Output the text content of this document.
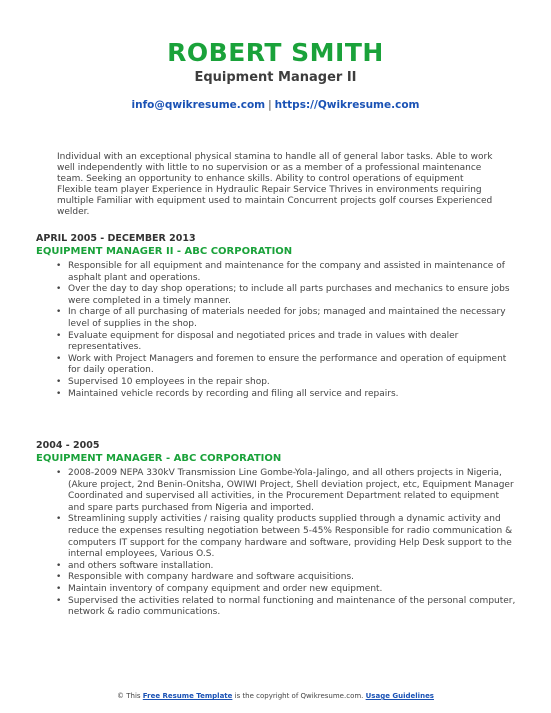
ROBERT SMITH
Equipment Manager II
info@qwikresume.com | https://Qwikresume.com
Individual with an exceptional physical stamina to handle all of general labor tasks. Able to work well independently with little to no supervision or as a member of a professional maintenance team. Seeking an opportunity to enhance skills. Ability to control operations of equipment Flexible team player Experience in Hydraulic Repair Service Thrives in environments requiring multiple Familiar with equipment used to maintain Concurrent projects golf courses Experienced welder.
APRIL 2005 - DECEMBER 2013
EQUIPMENT MANAGER II - ABC CORPORATION
• Responsible for all equipment and maintenance for the company and assisted in maintenance of asphalt plant and operations.
• Over the day to day shop operations; to include all parts purchases and mechanics to ensure jobs were completed in a timely manner.
• In charge of all purchasing of materials needed for jobs; managed and maintained the necessary level of supplies in the shop.
• Evaluate equipment for disposal and negotiated prices and trade in values with dealer representatives.
• Work with Project Managers and foremen to ensure the performance and operation of equipment for daily operation.
• Supervised 10 employees in the repair shop.
• Maintained vehicle records by recording and filing all service and repairs.
2004 - 2005
EQUIPMENT MANAGER - ABC CORPORATION
• 2008-2009 NEPA 330kV Transmission Line Gombe-Yola-Jalingo, and all others projects in Nigeria, (Akure project, 2nd Benin-Onitsha, OWIWI Project, Shell deviation project, etc, Equipment Manager Coordinated and supervised all activities, in the Procurement Department related to equipment and spare parts purchased from Nigeria and imported.
• Streamlining supply activities / raising quality products supplied through a dynamic activity and reduce the expenses resulting negotiation between 5-45% Responsible for radio communication & computers IT support for the company hardware and software, providing Help Desk support to the internal employees, Various O.S.
• and others software installation.
• Responsible with company hardware and software acquisitions.
• Maintain inventory of company equipment and order new equipment.
• Supervised the activities related to normal functioning and maintenance of the personal computer, network & radio communications.
© This Free Resume Template is the copyright of Qwikresume.com. Usage Guidelines
